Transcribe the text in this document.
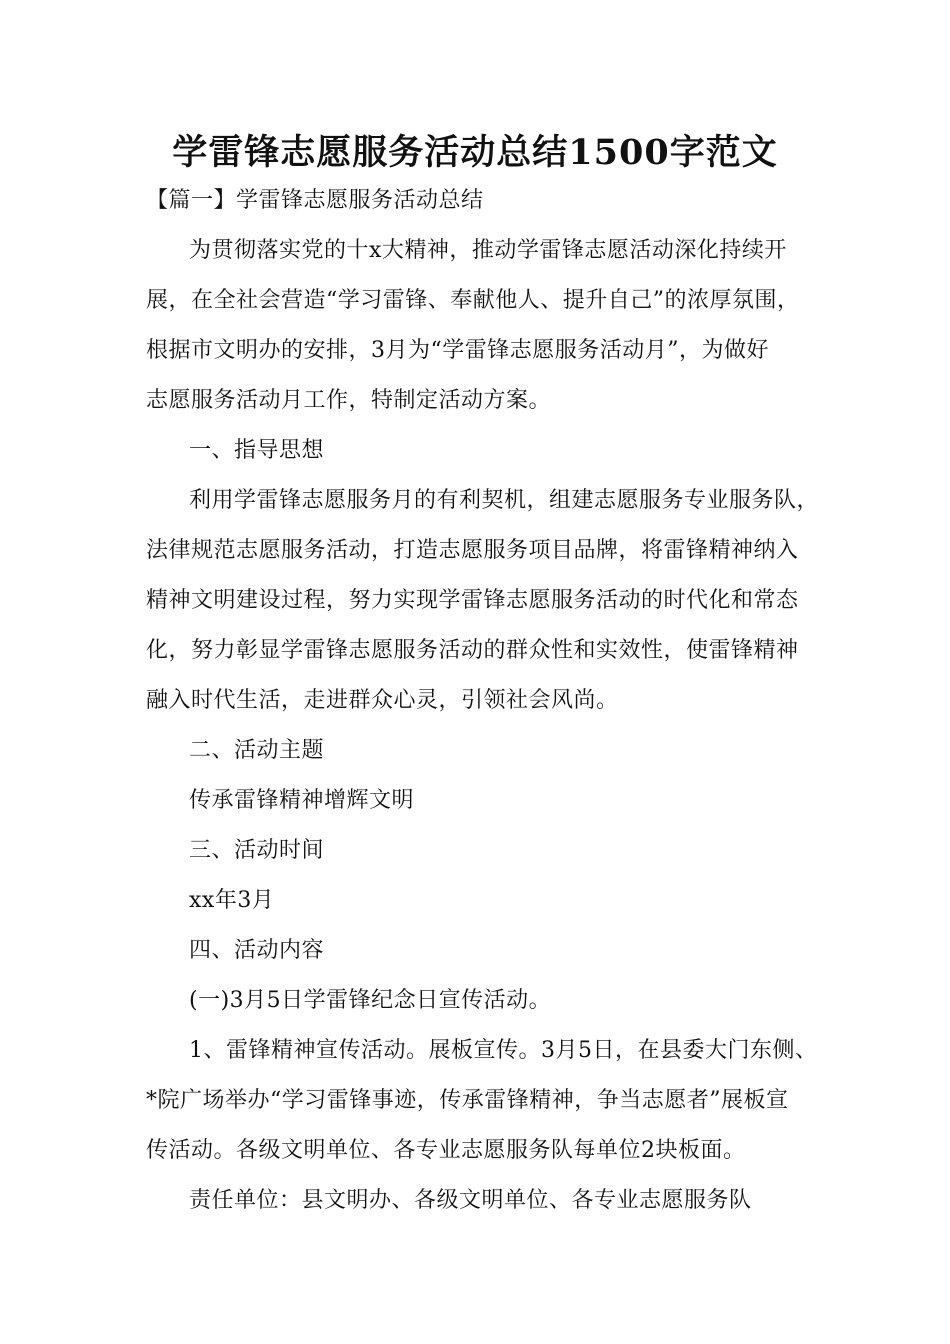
学雷锋志愿服务活动总结1500字范文
【篇一】学雷锋志愿服务活动总结
为贯彻落实党的十x大精神，推动学雷锋志愿活动深化持续开
展，在全社会营造“学习雷锋、奉献他人、提升自己”的浓厚氛围，
根据市文明办的安排，3月为“学雷锋志愿服务活动月”，为做好
志愿服务活动月工作，特制定活动方案。
一、指导思想
利用学雷锋志愿服务月的有利契机，组建志愿服务专业服务队，
法律规范志愿服务活动，打造志愿服务项目品牌，将雷锋精神纳入
精神文明建设过程，努力实现学雷锋志愿服务活动的时代化和常态
化，努力彰显学雷锋志愿服务活动的群众性和实效性，使雷锋精神
融入时代生活，走进群众心灵，引领社会风尚。
二、活动主题
传承雷锋精神增辉文明
三、活动时间
xx年3月
四、活动内容
(一)3月5日学雷锋纪念日宣传活动。
1、雷锋精神宣传活动。展板宣传。3月5日，在县委大门东侧、
*院广场举办“学习雷锋事迹，传承雷锋精神，争当志愿者”展板宣
传活动。各级文明单位、各专业志愿服务队每单位2块板面。
责任单位：县文明办、各级文明单位、各专业志愿服务队
